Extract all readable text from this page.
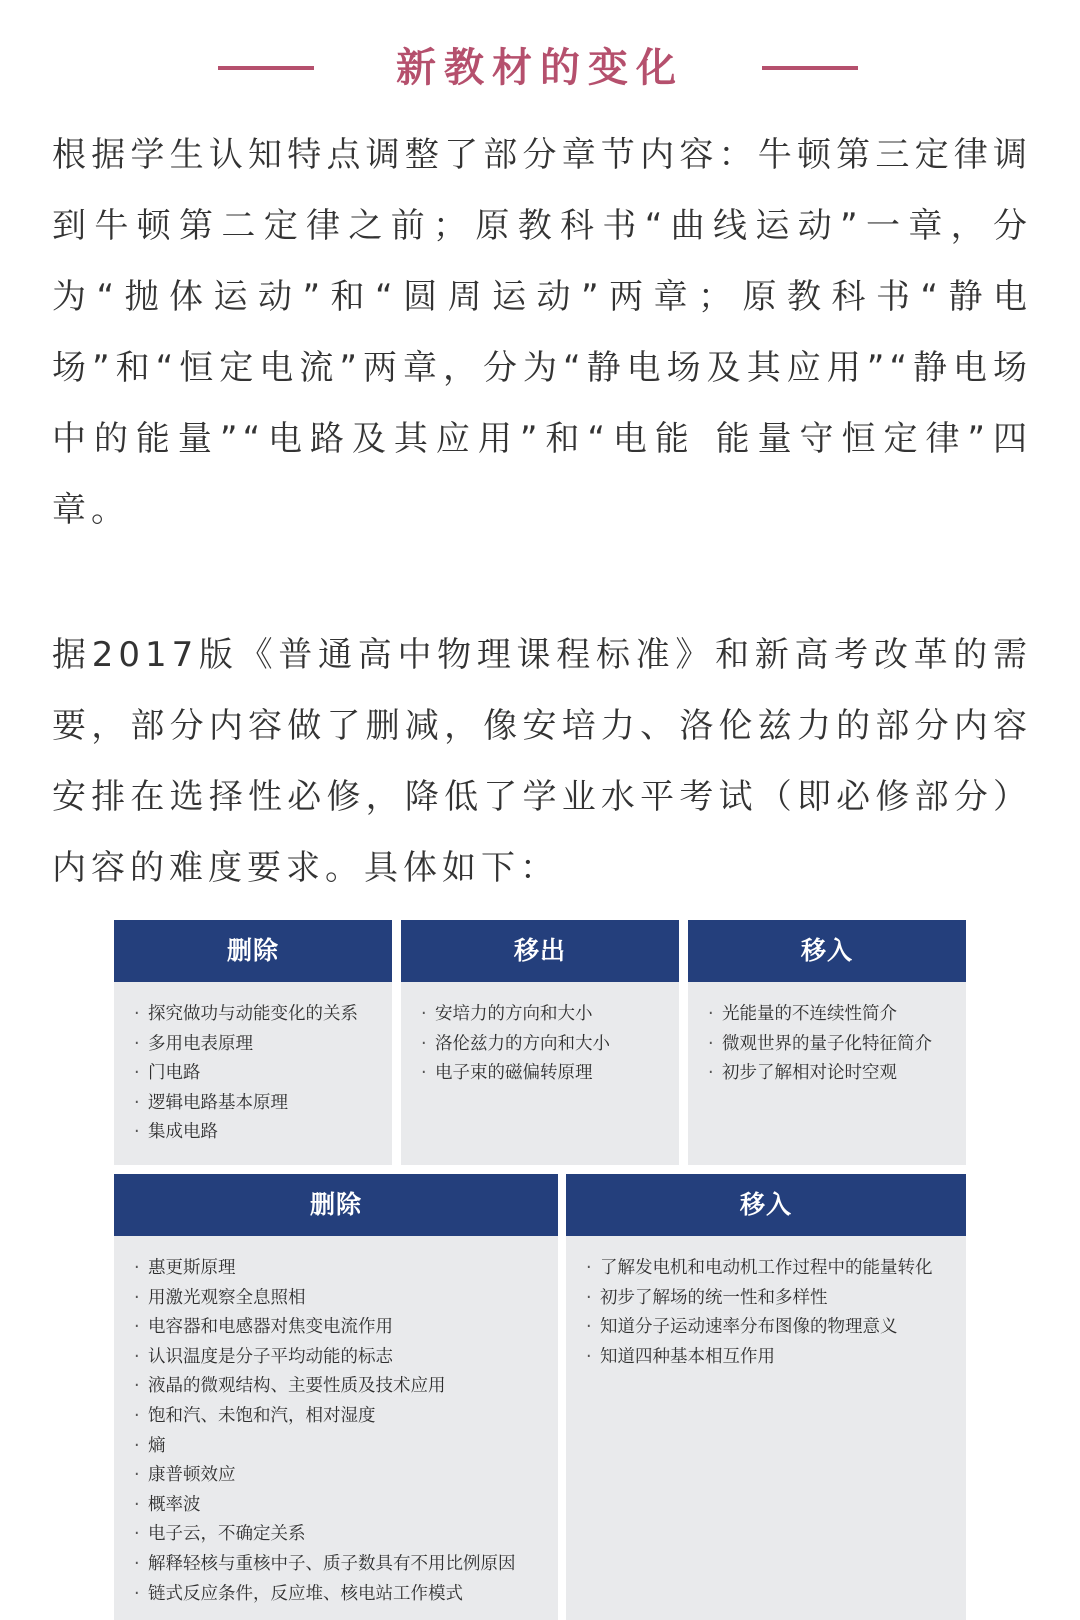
新教材的变化
根据学生认知特点调整了部分章节内容：牛顿第三定律调到牛顿第二定律之前；原教科书“曲线运动”一章，分为“抛体运动”和“圆周运动”两章；原教科书“静电场”和“恒定电流”两章，分为“静电场及其应用”“静电场中的能量”“电路及其应用”和“电能 能量守恒定律”四章。
据2017版《普通高中物理课程标准》和新高考改革的需要，部分内容做了删减，像安培力、洛伦兹力的部分内容安排在选择性必修，降低了学业水平考试（即必修部分）内容的难度要求。具体如下：
删除
· 探究做功与动能变化的关系
· 多用电表原理
· 门电路
· 逻辑电路基本原理
· 集成电路
移出
· 安培力的方向和大小
· 洛伦兹力的方向和大小
· 电子束的磁偏转原理
移入
· 光能量的不连续性简介
· 微观世界的量子化特征简介
· 初步了解相对论时空观
删除
· 惠更斯原理
· 用激光观察全息照相
· 电容器和电感器对焦变电流作用
· 认识温度是分子平均动能的标志
· 液晶的微观结构、主要性质及技术应用
· 饱和汽、未饱和汽，相对湿度
· 熵
· 康普顿效应
· 概率波
· 电子云，不确定关系
· 解释轻核与重核中子、质子数具有不用比例原因
· 链式反应条件，反应堆、核电站工作模式
移入
· 了解发电机和电动机工作过程中的能量转化
· 初步了解场的统一性和多样性
· 知道分子运动速率分布图像的物理意义
· 知道四种基本相互作用
